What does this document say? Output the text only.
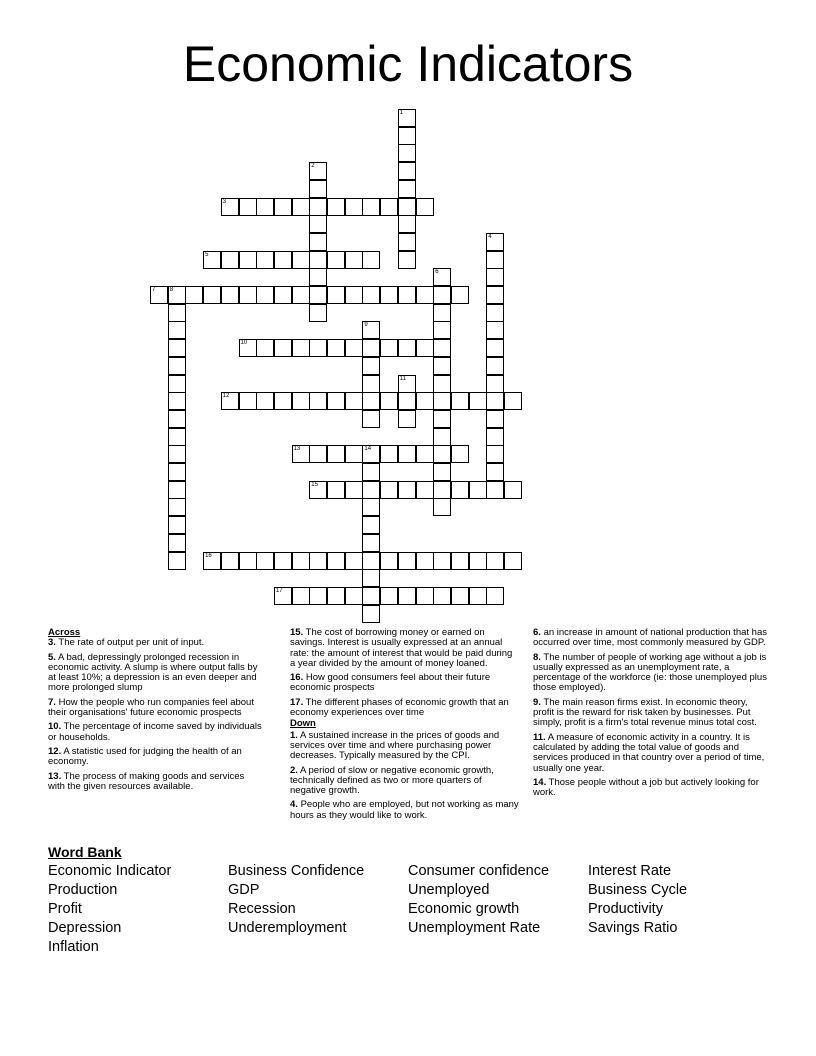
Economic Indicators
3
5
7 8
10
12
13	14
15
16
17
1
2
4
6
9
11
Across
3. The rate of output per unit of input.
5. A bad, depressingly prolonged recession in economic activity. A slump is where output falls by at least 10%; a depression is an even deeper and more prolonged slump
7. How the people who run companies feel about their organisations' future economic prospects
10. The percentage of income saved by individuals or households.
12. A statistic used for judging the health of an economy.
13. The process of making goods and services with the given resources available.
15. The cost of borrowing money or earned on savings. Interest is usually expressed at an annual rate: the amount of interest that would be paid during a year divided by the amount of money loaned.
16. How good consumers feel about their future economic prospects
17. The different phases of economic growth that an economy experiences over time
Down
1. A sustained increase in the prices of goods and services over time and where purchasing power decreases. Typically measured by the CPI.
2. A period of slow or negative economic growth, technically defined as two or more quarters of negative growth.
4. People who are employed, but not working as many hours as they would like to work.
6. an increase in amount of national production that has occurred over time, most commonly measured by GDP.
8. The number of people of working age without a job is usually expressed as an unemployment rate, a percentage of the workforce (ie: those unemployed plus those employed).
9. The main reason firms exist. In economic theory, profit is the reward for risk taken by businesses. Put simply, profit is a firm's total revenue minus total cost.
11. A measure of economic activity in a country. It is calculated by adding the total value of goods and services produced in that country over a period of time, usually one year.
14. Those people without a job but actively looking for work.
Word Bank
Economic Indicator
Production
Profit
Depression
Inflation
Business Confidence
GDP
Recession
Underemployment
Consumer confidence
Unemployed
Economic growth
Unemployment Rate
Interest Rate
Business Cycle
Productivity
Savings Ratio
